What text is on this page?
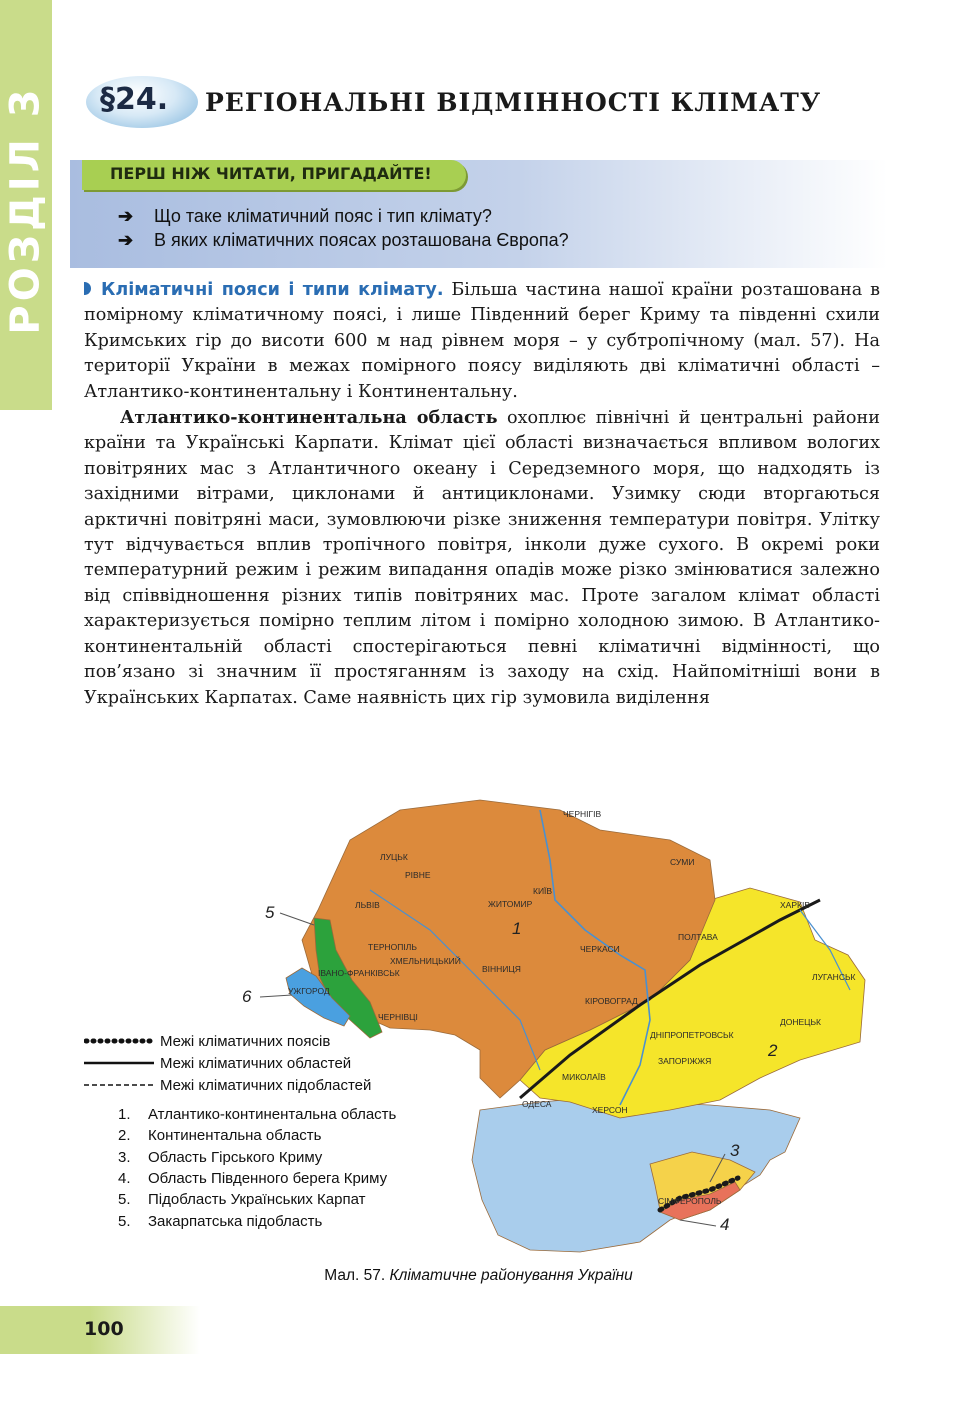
РОЗДІЛ 3 §24. РЕГІОНАЛЬНІ ВІДМІННОСТІ КЛІМАТУ
ПЕРШ НІЖ ЧИТАТИ, ПРИГАДАЙТЕ!
➔	Що таке кліматичний пояс і тип клімату?
➔	В яких кліматичних поясах розташована Європа?

Кліматичні пояси і типи клімату. Більша частина нашої країни розташована в помірному кліматичному поясі, і лише Південний берег Криму та південні схили Кримських гір до висоти 600 м над рівнем моря – у субтропічному (мал. 57). На території України в межах помірного поясу виділяють дві кліматичні області – Атлантико-континентальну і Континентальну.

Атлантико-континентальна область охоплює північні й центральні райони країни та Українські Карпати. Клімат цієї області визначається впливом вологих повітряних мас з Атлантичного океану і Середземного моря, що надходять із західними вітрами, циклонами й антициклонами. Узимку сюди вторгаються арктичні повітряні маси, зумовлюючи різке зниження температури повітря. Улітку тут відчувається вплив тропічного повітря, інколи дуже сухого. В окремі роки температурний режим і режим випадання опадів може різко змінюватися залежно від співвідношення різних типів повітряних мас. Проте загалом клімат області характеризується помірно теплим літом і помірно холодною зимою. В Атлантико-континентальній області спостерігаються певні кліматичні відмінності, що пов’язано зі значним її простяганням із заходу на схід. Найпомітніші вони в Українських Карпатах. Саме наявність цих гір зумовила виділення

ЛУЦЬК
РІВНЕ
ЧЕРНІГІВ
СУМИ
ЛЬВІВ	ЖИТОМИР
КИЇВ
ХАРКІВ
ТЕРНОПІЛЬ
ХМЕЛЬНИЦЬКИЙ
ІВАНО-ФРАНКІВСЬК
ЧЕРКАСИ
ПОЛТАВА
ВІННИЦЯ
УЖГОРОД
ЧЕРНІВЦІ
КІРОВОГРАД
ЛУГАНСЬК
ДНІПРОПЕТРОВСЬК
ДОНЕЦЬК
ЗАПОРІЖЖЯ
МИКОЛАЇВ
ОДЕСА
ХЕРСОН
СІМФЕРОПОЛЬ
1
2
3
4
5
6
Межі кліматичних поясів
Межі кліматичних областей
Межі кліматичних підобластей
1.	Атлантико-континентальна область
2.	Континентальна область
3.	Область Гірського Криму
4.	Область Південного берега Криму
5.	Підобласть Українських Карпат
5.	Закарпатська підобласть
Мал. 57. Кліматичне районування України
100
